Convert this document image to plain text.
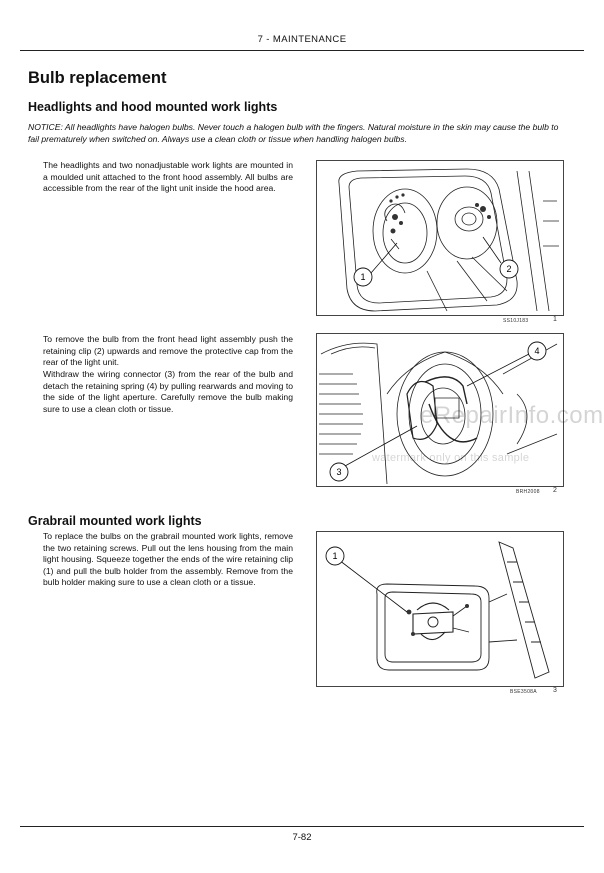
7 - MAINTENANCE
Bulb replacement
Headlights and hood mounted work lights
NOTICE: All headlights have halogen bulbs. Never touch a halogen bulb with the fingers. Natural moisture in the skin may cause the bulb to fail prematurely when switched on. Always use a clean cloth or tissue when handling halogen bulbs.
The headlights and two nonadjustable work lights are mounted in a moulded unit attached to the front hood assembly. All bulbs are accessible from the rear of the light unit inside the hood area.
To remove the bulb from the front head light assembly push the retaining clip (2) upwards and remove the protective cap from the rear of the light unit.
Withdraw the wiring connector (3) from the rear of the bulb and detach the retaining spring (4) by pulling rearwards and moving to the side of the light aperture. Carefully remove the bulb making sure to use a clean cloth or tissue.
1
2
SS10J183	1
4
3
BRH2008 2
eRepairInfo.com
watermark only on this sample
Grabrail mounted work lights
To replace the bulbs on the grabrail mounted work lights, remove the two retaining screws. Pull out the lens housing from the main light housing. Squeeze together the ends of the wire retaining clip (1) and pull the bulb holder from the assembly. Remove from the bulb holder making sure to use a clean cloth or a tissue.
1
BSE3508A 3
7-82
